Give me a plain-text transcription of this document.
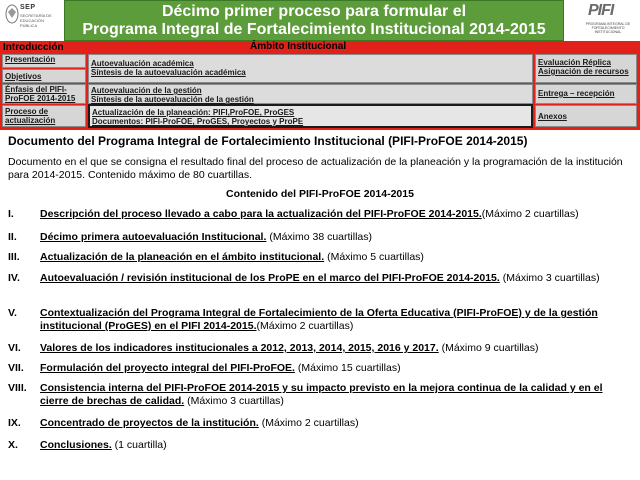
SEP
SECRETARÍA DE EDUCACIÓN PÚBLICA
Décimo primer proceso para formular el
Programa Integral de Fortalecimiento Institucional 2014-2015
PIFI
PROGRAMA INTEGRAL DE FORTALECIMIENTO INSTITUCIONAL
Introducción	Ámbito Institucional
Presentación
Objetivos
Énfasis del PIFI-ProFOE 2014-2015
Proceso de actualización
Autoevaluación académica
Síntesis de la autoevaluación académica
Autoevaluación de la gestión
Síntesis de la autoevaluación de la gestión
Actualización de la planeación: PIFI,ProFOE, ProGES
Documentos: PIFI-ProFOE, ProGES, Proyectos y ProPE
Evaluación Réplica
Asignación de recursos
Entrega – recepción
Anexos
Documento del Programa Integral de Fortalecimiento Institucional (PIFI-ProFOE 2014-2015)
Documento en el que se consigna el resultado final del proceso de actualización de la planeación y la programación de la institución para 2014-2015. Contenido máximo de 80 cuartillas.
Contenido del PIFI-ProFOE 2014-2015
I. Descripción del proceso llevado a cabo para la actualización del PIFI-ProFOE 2014-2015.(Máximo 2 cuartillas)
II. Décimo primera autoevaluación Institucional. (Máximo 38 cuartillas)
III. Actualización de la planeación en el ámbito institucional. (Máximo 5 cuartillas)
IV. Autoevaluación / revisión institucional de los ProPE en el marco del PIFI-ProFOE 2014-2015. (Máximo 3 cuartillas)
V. Contextualización del Programa Integral de Fortalecimiento de la Oferta Educativa (PIFI-ProFOE) y de la gestión institucional (ProGES) en el PIFI 2014-2015.(Máximo 2 cuartillas)
VI. Valores de los indicadores institucionales a 2012, 2013, 2014, 2015, 2016 y 2017. (Máximo 9 cuartillas)
VII. Formulación del proyecto integral del PIFI-ProFOE. (Máximo 15 cuartillas)
VIII. Consistencia interna del PIFI-ProFOE 2014-2015 y su impacto previsto en la mejora continua de la calidad y en el cierre de brechas de calidad. (Máximo 3 cuartillas)
IX. Concentrado de proyectos de la institución. (Máximo 2 cuartillas)
X. Conclusiones. (1 cuartilla)
